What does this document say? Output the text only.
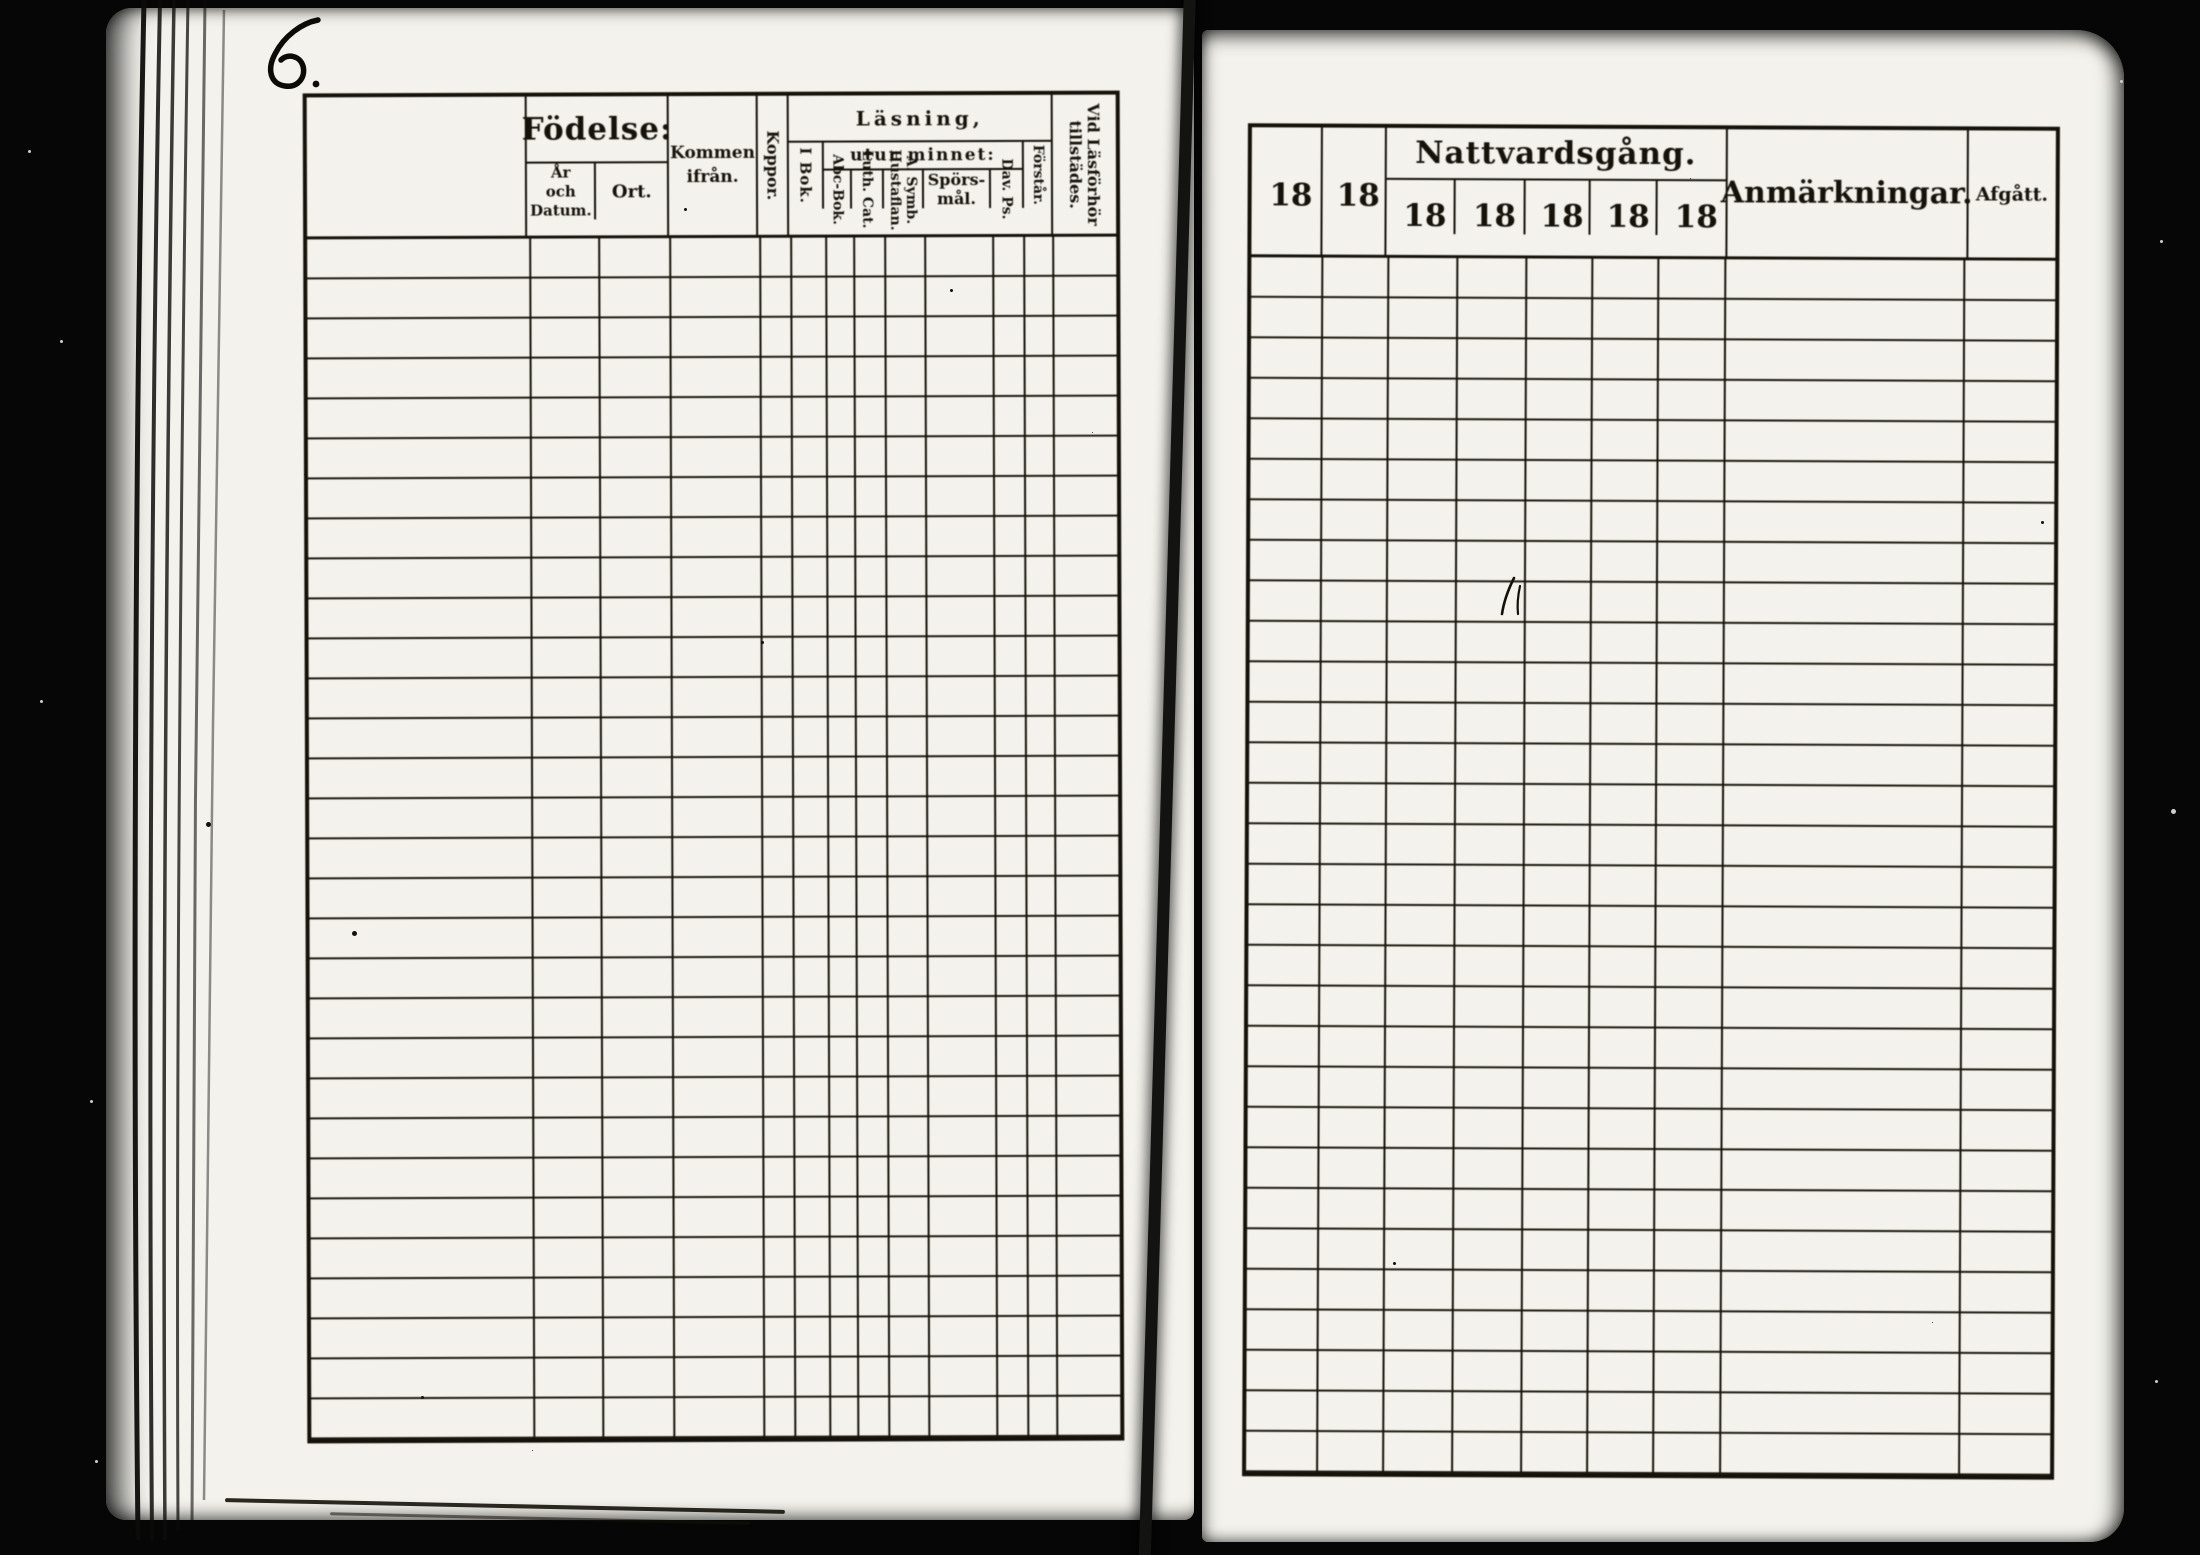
Födelse:
År
och
Datum.
Ort.
Kommen
ifrån. Koppor.
Läsning,
I Bok.	utur minnet:
Abc-Bok. Luth. Cat. A. Symb.
Hustaflan. Spörs-
mål. Dav. Ps. Förstår. Vid Läsförhör
tillstädes.	18 18
Nattvardsgång.
18 18 18 18 18
Anmärkningar. Afgått.
